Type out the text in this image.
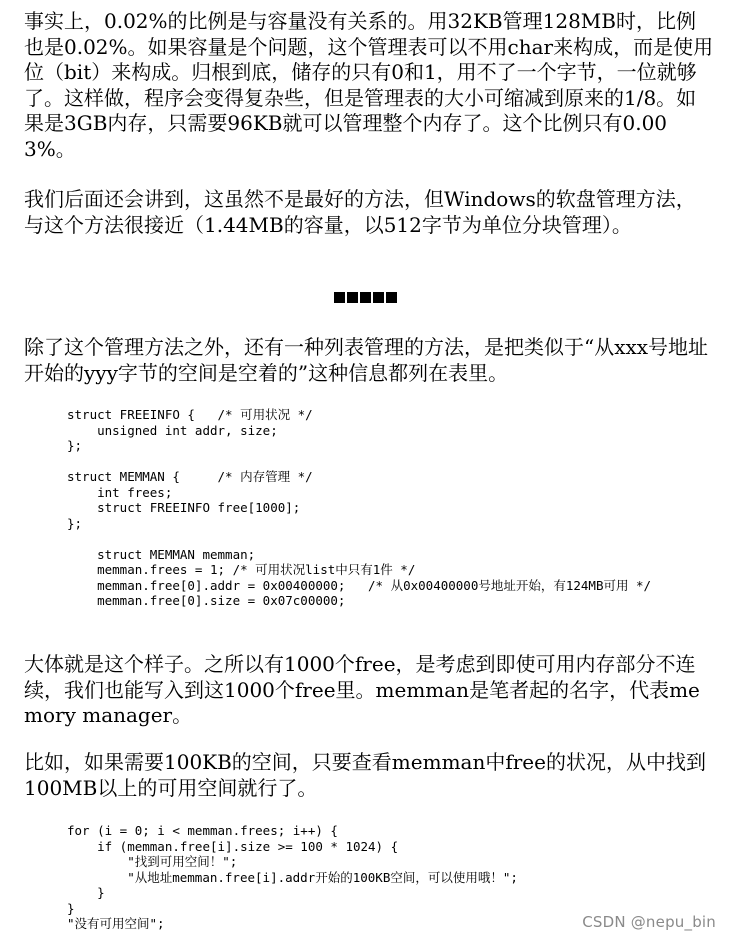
事实上，0.02%的比例是与容量没有关系的。用32KB管理128MB时，比例也是0.02%。如果容量是个问题，这个管理表可以不用char来构成，而是使用位（bit）来构成。归根到底，储存的只有0和1，用不了一个字节，一位就够了。这样做，程序会变得复杂些，但是管理表的大小可缩减到原来的1/8。如果是3GB内存，只需要96KB就可以管理整个内存了。这个比例只有0.003%。

我们后面还会讲到，这虽然不是最好的方法，但Windows的软盘管理方法，与这个方法很接近（1.44MB的容量，以512字节为单位分块管理）。

除了这个管理方法之外，还有一种列表管理的方法，是把类似于“从xxx号地址开始的yyy字节的空间是空着的”这种信息都列在表里。

struct FREEINFO {   /* 可用状况 */
unsigned int addr, size;
};

struct MEMMAN {     /* 内存管理 */
int frees;
struct FREEINFO free[1000];
};

struct MEMMAN memman;
memman.frees = 1; /* 可用状况list中只有1件 */
memman.free[0].addr = 0x00400000;   /* 从0x00400000号地址开始，有124MB可用 */
memman.free[0].size = 0x07c00000;

大体就是这个样子。之所以有1000个free，是考虑到即使可用内存部分不连续，我们也能写入到这1000个free里。memman是笔者起的名字，代表memory manager。

比如，如果需要100KB的空间，只要查看memman中free的状况，从中找到100MB以上的可用空间就行了。

for (i = 0; i < memman.frees; i++) {
if (memman.free[i].size >= 100 * 1024) {
"找到可用空间！";
"从地址memman.free[i].addr开始的100KB空间，可以使用哦！";
}
}
"没有可用空间";	CSDN @nepu_bin
